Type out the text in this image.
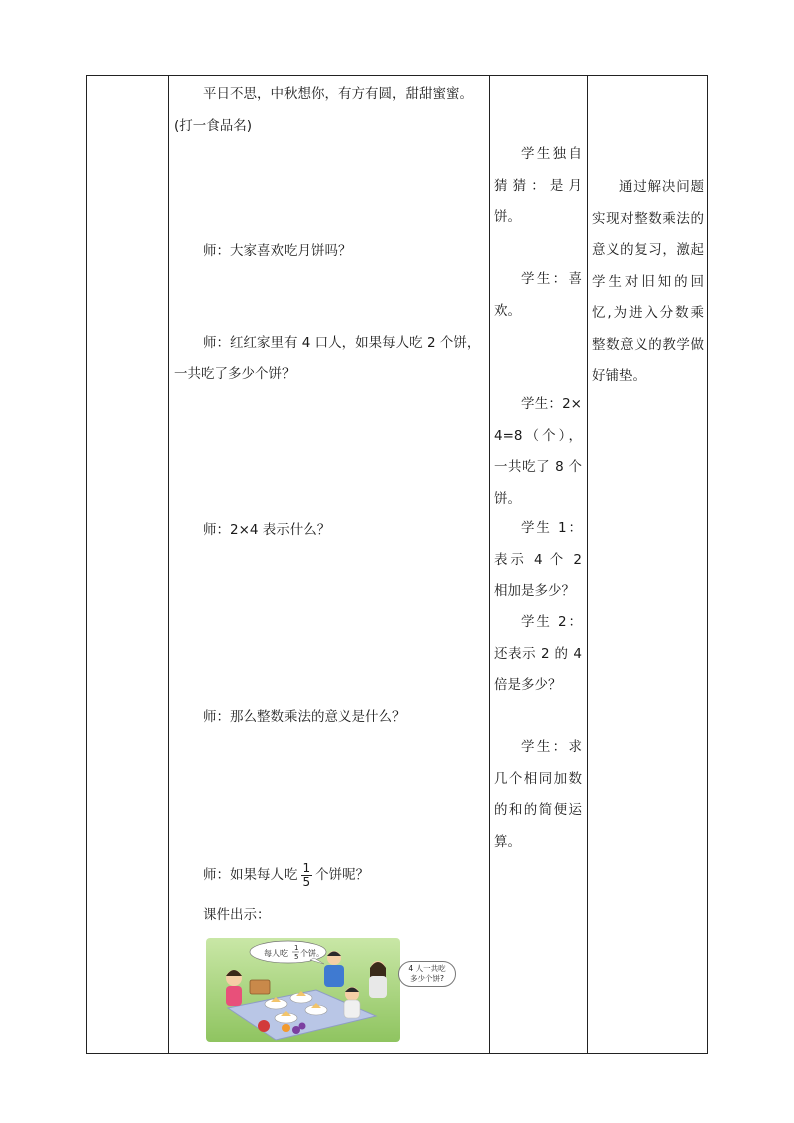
平日不思，中秋想你，有方有圆，甜甜蜜蜜。
(打一食品名)
师：大家喜欢吃月饼吗？
师：红红家里有 4 口人，如果每人吃 2 个饼，
一共吃了多少个饼？
师：2×4 表示什么？
师：那么整数乘法的意义是什么？
师：如果每人吃 $\frac{1}{5}$ 个饼呢？
课件出示：
每人吃
1
5 个饼。
4 人一共吃
多少个饼?
学生独自猜猜：是月饼。
学生：喜欢。
学生：2×4=8（个），一共吃了 8 个饼。
学生 1：表示 4 个 2 相加是多少？
学生 2：还表示 2 的 4 倍是多少？
学生：求几个相同加数的和的简便运算。
通过解决问题实现对整数乘法的意义的复习，激起学生对旧知的回忆,为进入分数乘整数意义的教学做好铺垫。
